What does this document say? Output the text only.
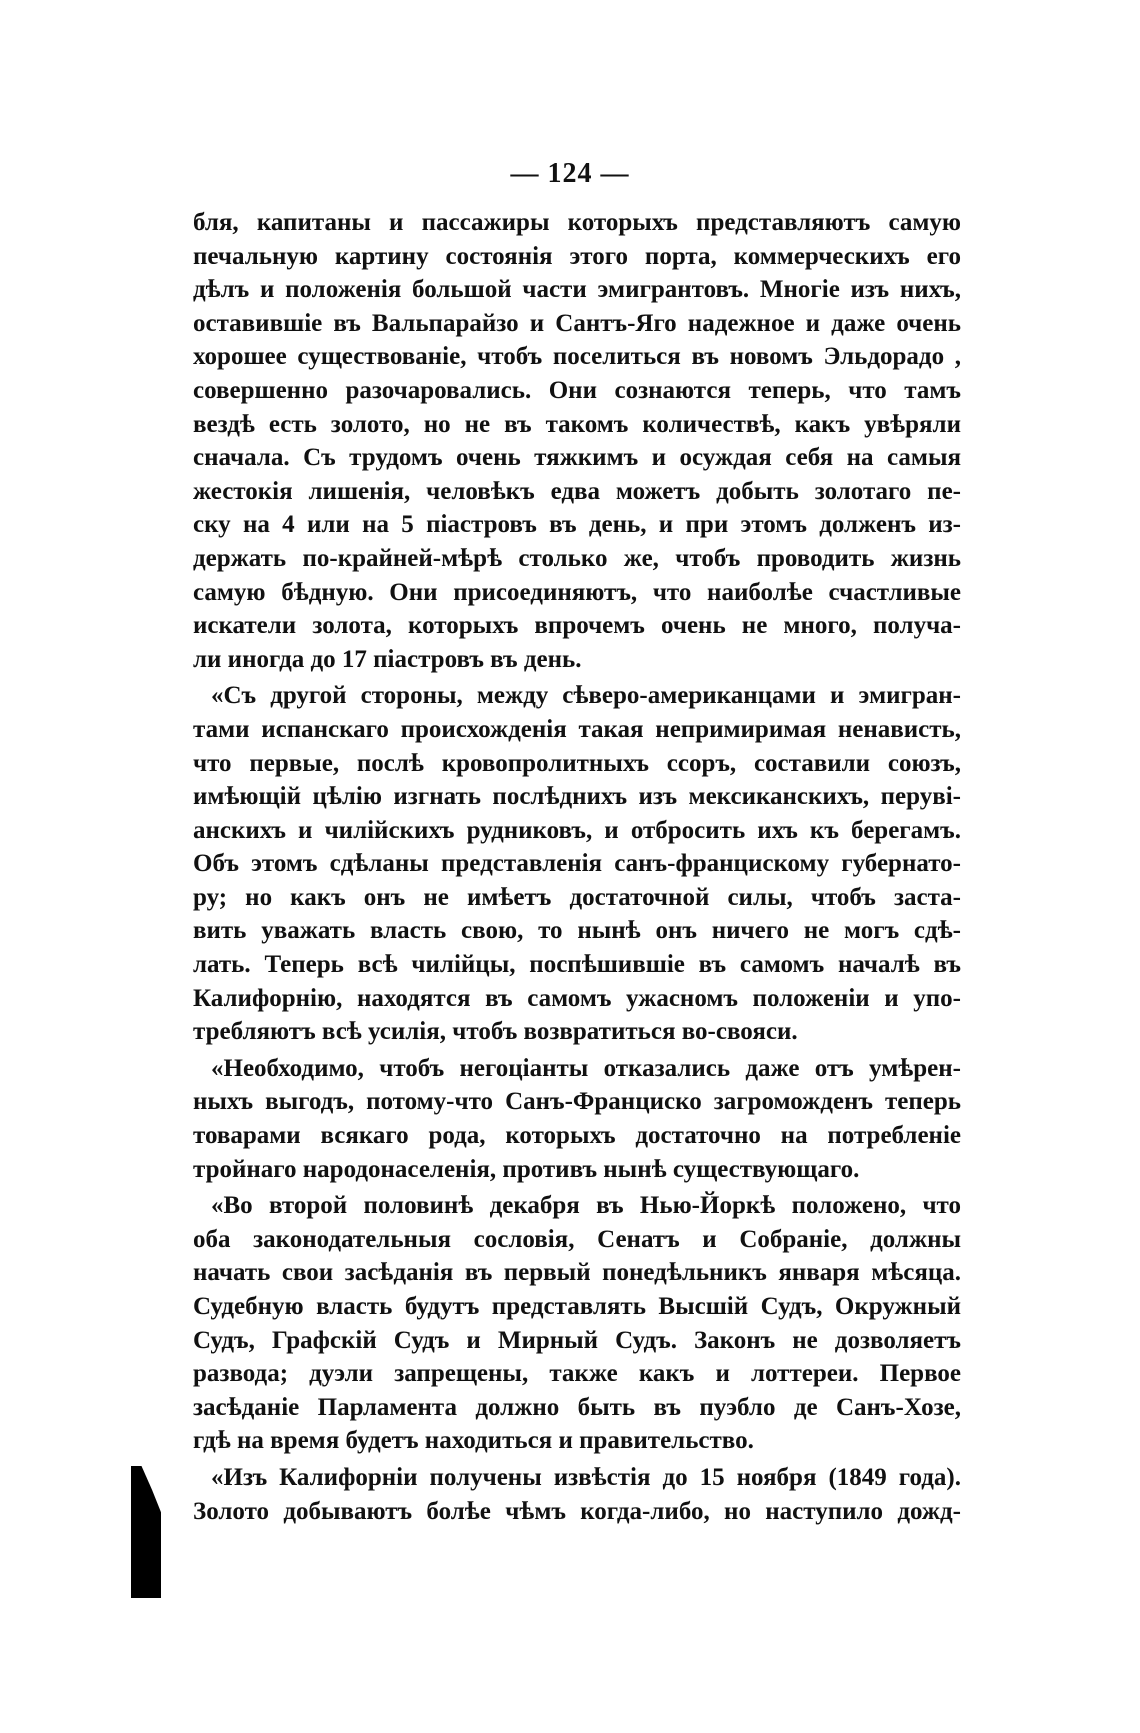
— 124 —
бля, капитаны и пассажиры которыхъ представляютъ самую
печальную картину состоянія этого порта, коммерческихъ его
дѣлъ и положенія большой части эмигрантовъ. Многіе изъ нихъ,
оставившіе въ Вальпарайзо и Сантъ-Яго надежное и даже очень
хорошее существованіе, чтобъ поселиться въ новомъ Эльдорадо ,
совершенно разочаровались. Они сознаются теперь, что тамъ
вездѣ есть золото, но не въ такомъ количествѣ, какъ увѣряли
сначала. Съ трудомъ очень тяжкимъ и осуждая себя на самыя
жестокія лишенія, человѣкъ едва можетъ добыть золотаго пе-
ску на 4 или на 5 піастровъ въ день, и при этомъ долженъ из-
держать по-крайней-мѣрѣ столько же, чтобъ проводить жизнь
самую бѣдную. Они присоединяютъ, что наиболѣе счастливые
искатели золота, которыхъ впрочемъ очень не много, получа-
ли иногда до 17 піастровъ въ день.
«Съ другой стороны, между сѣверо-американцами и эмигран-
тами испанскаго происхожденія такая непримиримая ненависть,
что первые, послѣ кровопролитныхъ ссоръ, составили союзъ,
имѣющій цѣлію изгнать послѣднихъ изъ мексиканскихъ, перуві-
анскихъ и чилійскихъ рудниковъ, и отбросить ихъ къ берегамъ.
Объ этомъ сдѣланы представленія санъ-францискому губернато-
ру; но какъ онъ не имѣетъ достаточной силы, чтобъ заста-
вить уважать власть свою, то нынѣ онъ ничего не могъ сдѣ-
лать. Теперь всѣ чилійцы, поспѣшившіе въ самомъ началѣ въ
Калифорнію, находятся въ самомъ ужасномъ положеніи и упо-
требляютъ всѣ усилія, чтобъ возвратиться во-свояси.
«Необходимо, чтобъ негоціанты отказались даже отъ умѣрен-
ныхъ выгодъ, потому-что Санъ-Франциско загроможденъ теперь
товарами всякаго рода, которыхъ достаточно на потребленіе
тройнаго народонаселенія, противъ нынѣ существующаго.
«Во второй половинѣ декабря въ Нью-Йоркѣ положено, что
оба законодательныя сословія, Сенатъ и Собраніе, должны
начать свои засѣданія въ первый понедѣльникъ января мѣсяца.
Судебную власть будутъ представлять Высшій Судъ, Окружный
Судъ, Графскій Судъ и Мирный Судъ. Законъ не дозволяетъ
развода; дуэли запрещены, также какъ и лоттереи. Первое
засѣданіе Парламента должно быть въ пуэбло де Санъ-Хозе,
гдѣ на время будетъ находиться и правительство.
«Изъ Калифорніи получены извѣстія до 15 ноября (1849 года).
Золото добываютъ болѣе чѣмъ когда-либо, но наступило дожд-
